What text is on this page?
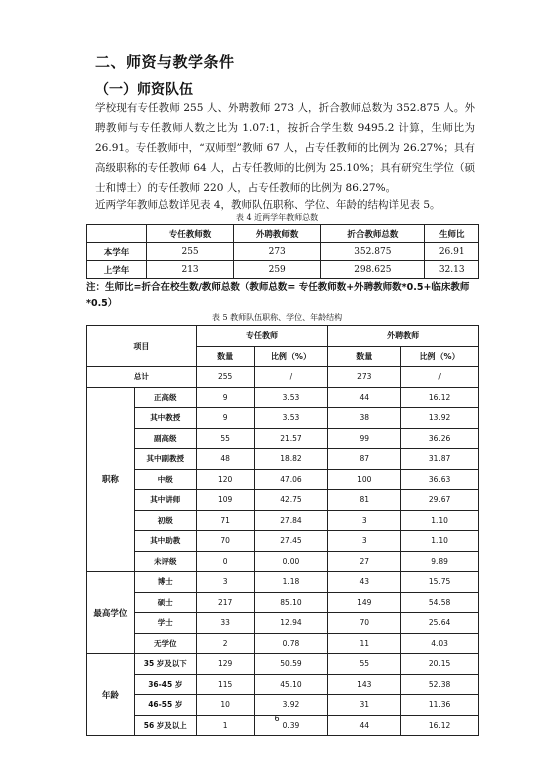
二、师资与教学条件
（一）师资队伍
学校现有专任教师 255 人、外聘教师 273 人，折合教师总数为 352.875 人。外聘教师与专任教师人数之比为 1.07:1，按折合学生数 9495.2 计算，生师比为 26.91。专任教师中，“双师型”教师 67 人，占专任教师的比例为 26.27%；具有高级职称的专任教师 64 人，占专任教师的比例为 25.10%；具有研究生学位（硕士和博士）的专任教师 220 人，占专任教师的比例为 86.27%。
近两学年教师总数详见表 4，教师队伍职称、学位、年龄的结构详见表 5。
表 4 近两学年教师总数
	专任教师数	外聘教师数	折合教师总数	生师比
本学年	255	273	352.875	26.91
上学年	213	259	298.625	32.13
注：生师比=折合在校生数/教师总数（教师总数= 专任教师数+外聘教师数*0.5+临床教师*0.5）
表 5 教师队伍职称、学位、年龄结构
项目		专任教师		外聘教师	
		数量	比例（%）	数量	比例（%）
总计		255	/	273	/
职称	正高级	9	3.53	44	16.12
	其中教授	9	3.53	38	13.92
	副高级	55	21.57	99	36.26
	其中副教授	48	18.82	87	31.87
	中级	120	47.06	100	36.63
	其中讲师	109	42.75	81	29.67
	初级	71	27.84	3	1.10
	其中助教	70	27.45	3	1.10
	未评级	0	0.00	27	9.89
最高学位	博士	3	1.18	43	15.75
	硕士	217	85.10	149	54.58
	学士	33	12.94	70	25.64
	无学位	2	0.78	11	4.03
年龄	35 岁及以下	129	50.59	55	20.15
	36-45 岁	115	45.10	143	52.38
	46-55 岁	10	3.92	31	11.36
	56 岁及以上	1	0.39	44	16.12
6
